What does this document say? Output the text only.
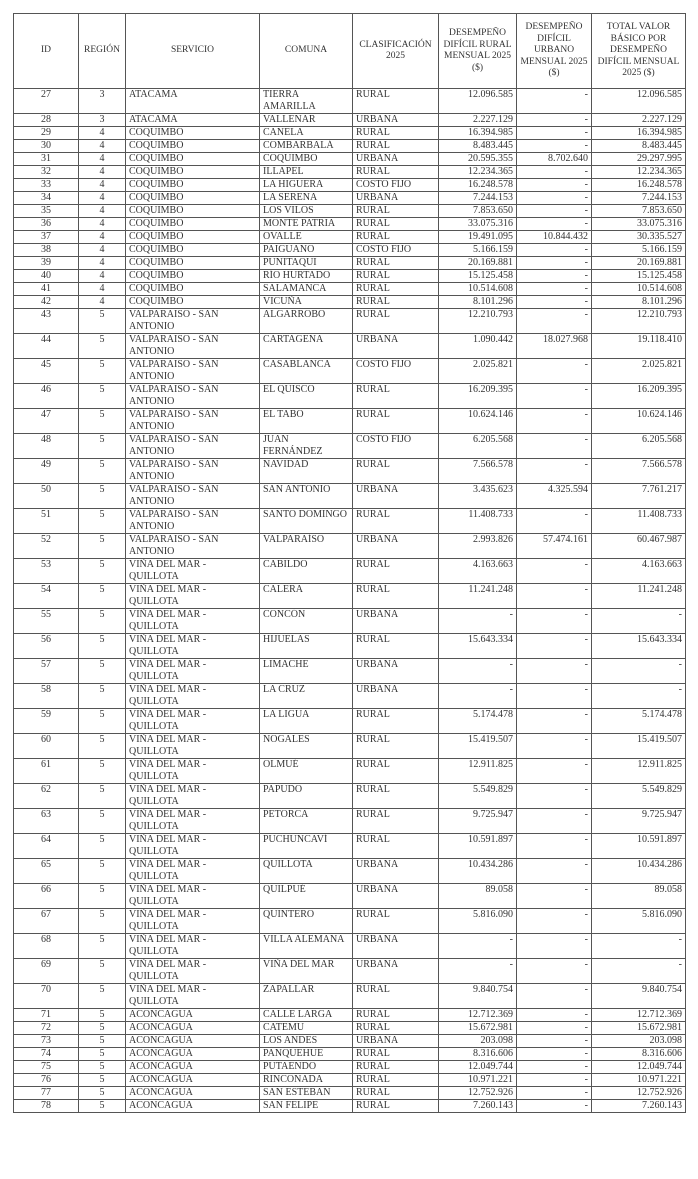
ID	REGIÓN	SERVICIO	COMUNA	CLASIFICACIÓN 2025	DESEMPEÑO DIFÍCIL RURAL MENSUAL 2025 ($)	DESEMPEÑO DIFÍCIL URBANO MENSUAL 2025 ($)	TOTAL VALOR BÁSICO POR DESEMPEÑO DIFÍCIL MENSUAL 2025 ($)
27	3	ATACAMA	TIERRA AMARILLA	RURAL	12.096.585	-	12.096.585
28	3	ATACAMA	VALLENAR	URBANA	2.227.129	-	2.227.129
29	4	COQUIMBO	CANELA	RURAL	16.394.985	-	16.394.985
30	4	COQUIMBO	COMBARBALÁ	RURAL	8.483.445	-	8.483.445
31	4	COQUIMBO	COQUIMBO	URBANA	20.595.355	8.702.640	29.297.995
32	4	COQUIMBO	ILLAPEL	RURAL	12.234.365	-	12.234.365
33	4	COQUIMBO	LA HIGUERA	COSTO FIJO	16.248.578	-	16.248.578
34	4	COQUIMBO	LA SERENA	URBANA	7.244.153	-	7.244.153
35	4	COQUIMBO	LOS VILOS	RURAL	7.853.650	-	7.853.650
36	4	COQUIMBO	MONTE PATRIA	RURAL	33.075.316	-	33.075.316
37	4	COQUIMBO	OVALLE	RURAL	19.491.095	10.844.432	30.335.527
38	4	COQUIMBO	PAIGUANO	COSTO FIJO	5.166.159	-	5.166.159
39	4	COQUIMBO	PUNITAQUI	RURAL	20.169.881	-	20.169.881
40	4	COQUIMBO	RÍO HURTADO	RURAL	15.125.458	-	15.125.458
41	4	COQUIMBO	SALAMANCA	RURAL	10.514.608	-	10.514.608
42	4	COQUIMBO	VICUÑA	RURAL	8.101.296	-	8.101.296
43	5	VALPARAISO - SAN ANTONIO	ALGARROBO	RURAL	12.210.793	-	12.210.793
44	5	VALPARAISO - SAN ANTONIO	CARTAGENA	URBANA	1.090.442	18.027.968	19.118.410
45	5	VALPARAISO - SAN ANTONIO	CASABLANCA	COSTO FIJO	2.025.821	-	2.025.821
46	5	VALPARAISO - SAN ANTONIO	EL QUISCO	RURAL	16.209.395	-	16.209.395
47	5	VALPARAISO - SAN ANTONIO	EL TABO	RURAL	10.624.146	-	10.624.146
48	5	VALPARAISO - SAN ANTONIO	JUAN FERNÁNDEZ	COSTO FIJO	6.205.568	-	6.205.568
49	5	VALPARAISO - SAN ANTONIO	NAVIDAD	RURAL	7.566.578	-	7.566.578
50	5	VALPARAISO - SAN ANTONIO	SAN ANTONIO	URBANA	3.435.623	4.325.594	7.761.217
51	5	VALPARAISO - SAN ANTONIO	SANTO DOMINGO	RURAL	11.408.733	-	11.408.733
52	5	VALPARAISO - SAN ANTONIO	VALPARAÍSO	URBANA	2.993.826	57.474.161	60.467.987
53	5	VIÑA DEL MAR - QUILLOTA	CABILDO	RURAL	4.163.663	-	4.163.663
54	5	VIÑA DEL MAR - QUILLOTA	CALERA	RURAL	11.241.248	-	11.241.248
55	5	VIÑA DEL MAR - QUILLOTA	CONCÓN	URBANA	-	-	-
56	5	VIÑA DEL MAR - QUILLOTA	HIJUELAS	RURAL	15.643.334	-	15.643.334
57	5	VIÑA DEL MAR - QUILLOTA	LIMACHE	URBANA	-	-	-
58	5	VIÑA DEL MAR - QUILLOTA	LA CRUZ	URBANA	-	-	-
59	5	VIÑA DEL MAR - QUILLOTA	LA LIGUA	RURAL	5.174.478	-	5.174.478
60	5	VIÑA DEL MAR - QUILLOTA	NOGALES	RURAL	15.419.507	-	15.419.507
61	5	VIÑA DEL MAR - QUILLOTA	OLMUÉ	RURAL	12.911.825	-	12.911.825
62	5	VIÑA DEL MAR - QUILLOTA	PAPUDO	RURAL	5.549.829	-	5.549.829
63	5	VIÑA DEL MAR - QUILLOTA	PETORCA	RURAL	9.725.947	-	9.725.947
64	5	VIÑA DEL MAR - QUILLOTA	PUCHUNCAVÍ	RURAL	10.591.897	-	10.591.897
65	5	VIÑA DEL MAR - QUILLOTA	QUILLOTA	URBANA	10.434.286	-	10.434.286
66	5	VIÑA DEL MAR - QUILLOTA	QUILPUÉ	URBANA	89.058	-	89.058
67	5	VIÑA DEL MAR - QUILLOTA	QUINTERO	RURAL	5.816.090	-	5.816.090
68	5	VIÑA DEL MAR - QUILLOTA	VILLA ALEMANA	URBANA	-	-	-
69	5	VIÑA DEL MAR - QUILLOTA	VIÑA DEL MAR	URBANA	-	-	-
70	5	VIÑA DEL MAR - QUILLOTA	ZAPALLAR	RURAL	9.840.754	-	9.840.754
71	5	ACONCAGUA	CALLE LARGA	RURAL	12.712.369	-	12.712.369
72	5	ACONCAGUA	CATEMU	RURAL	15.672.981	-	15.672.981
73	5	ACONCAGUA	LOS ANDES	URBANA	203.098	-	203.098
74	5	ACONCAGUA	PANQUEHUE	RURAL	8.316.606	-	8.316.606
75	5	ACONCAGUA	PUTAENDO	RURAL	12.049.744	-	12.049.744
76	5	ACONCAGUA	RINCONADA	RURAL	10.971.221	-	10.971.221
77	5	ACONCAGUA	SAN ESTEBAN	RURAL	12.752.926	-	12.752.926
78	5	ACONCAGUA	SAN FELIPE	RURAL	7.260.143	-	7.260.143
